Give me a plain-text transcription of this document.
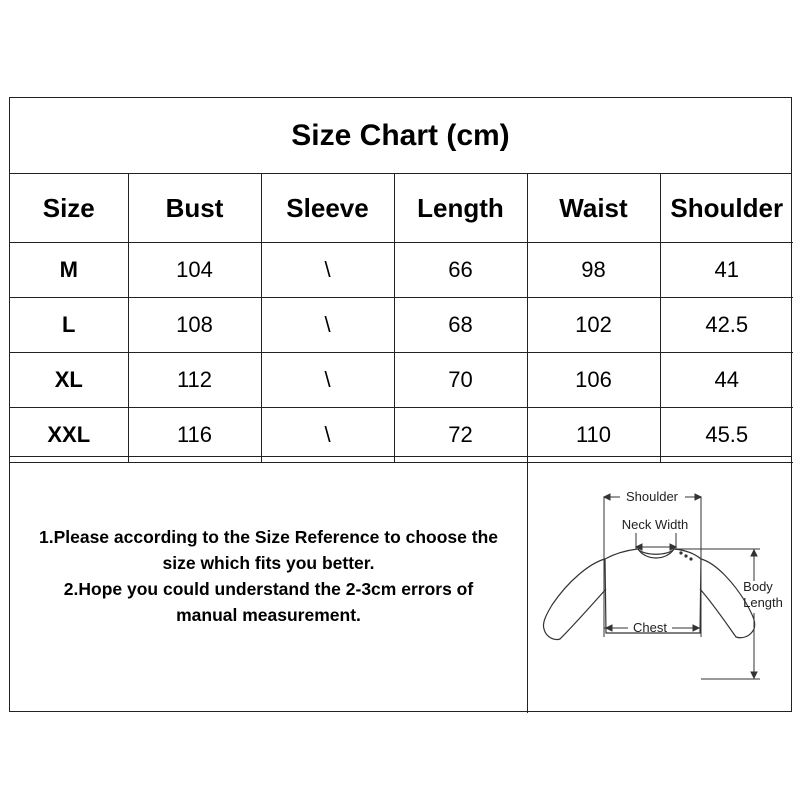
Size Chart (cm)
Size	Bust	Sleeve	Length	Waist	Shoulder
M	104	\	66	98	41
L	108	\	68	102	42.5
XL	112	\	70	106	44
XXL	116	\	72	110	45.5
1.Please according to the Size Reference to choose the
size which fits you better.
2.Hope you could understand the 2-3cm errors of
manual measurement.
Shoulder
Neck Width
Chest
Body
Length
